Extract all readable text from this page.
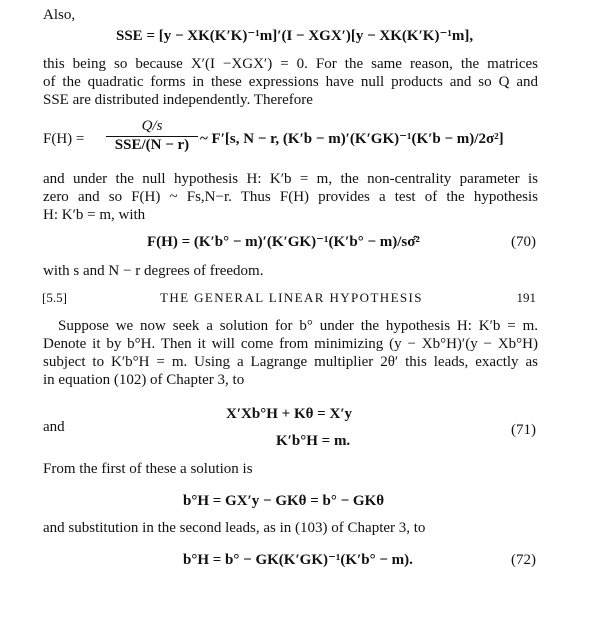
Also,
SSE = [y − XK(K′K)⁻¹m]′(I − XGX′)[y − XK(K′K)⁻¹m],
this being so because X′(I −XGX′) = 0. For the same reason, the matrices
of the quadratic forms in these expressions have null products and so Q and
SSE are distributed independently. Therefore
F(H) =
Q/s
SSE/(N − r) ~ F′[s, N − r, (K′b − m)′(K′GK)⁻¹(K′b − m)/2σ²]
and under the null hypothesis H: K′b = m, the non-centrality parameter is
zero and so F(H) ~ Fs,N−r. Thus F(H) provides a test of the hypothesis
H: K′b = m, with
F(H) = (K′b° − m)′(K′GK)⁻¹(K′b° − m)/sσ̂²	(70)
with s and N − r degrees of freedom.
[5.5]	THE GENERAL LINEAR HYPOTHESIS	191
Suppose we now seek a solution for b° under the hypothesis H: K′b = m.
Denote it by b°H. Then it will come from minimizing (y − Xb°H)′(y − Xb°H)
subject to K′b°H = m. Using a Lagrange multiplier 2θ′ this leads, exactly as
in equation (102) of Chapter 3, to
X′Xb°H + Kθ = X′y
and	(71)
K′b°H = m.
From the first of these a solution is
b°H = GX′y − GKθ = b° − GKθ
and substitution in the second leads, as in (103) of Chapter 3, to
b°H = b° − GK(K′GK)⁻¹(K′b° − m).	(72)
